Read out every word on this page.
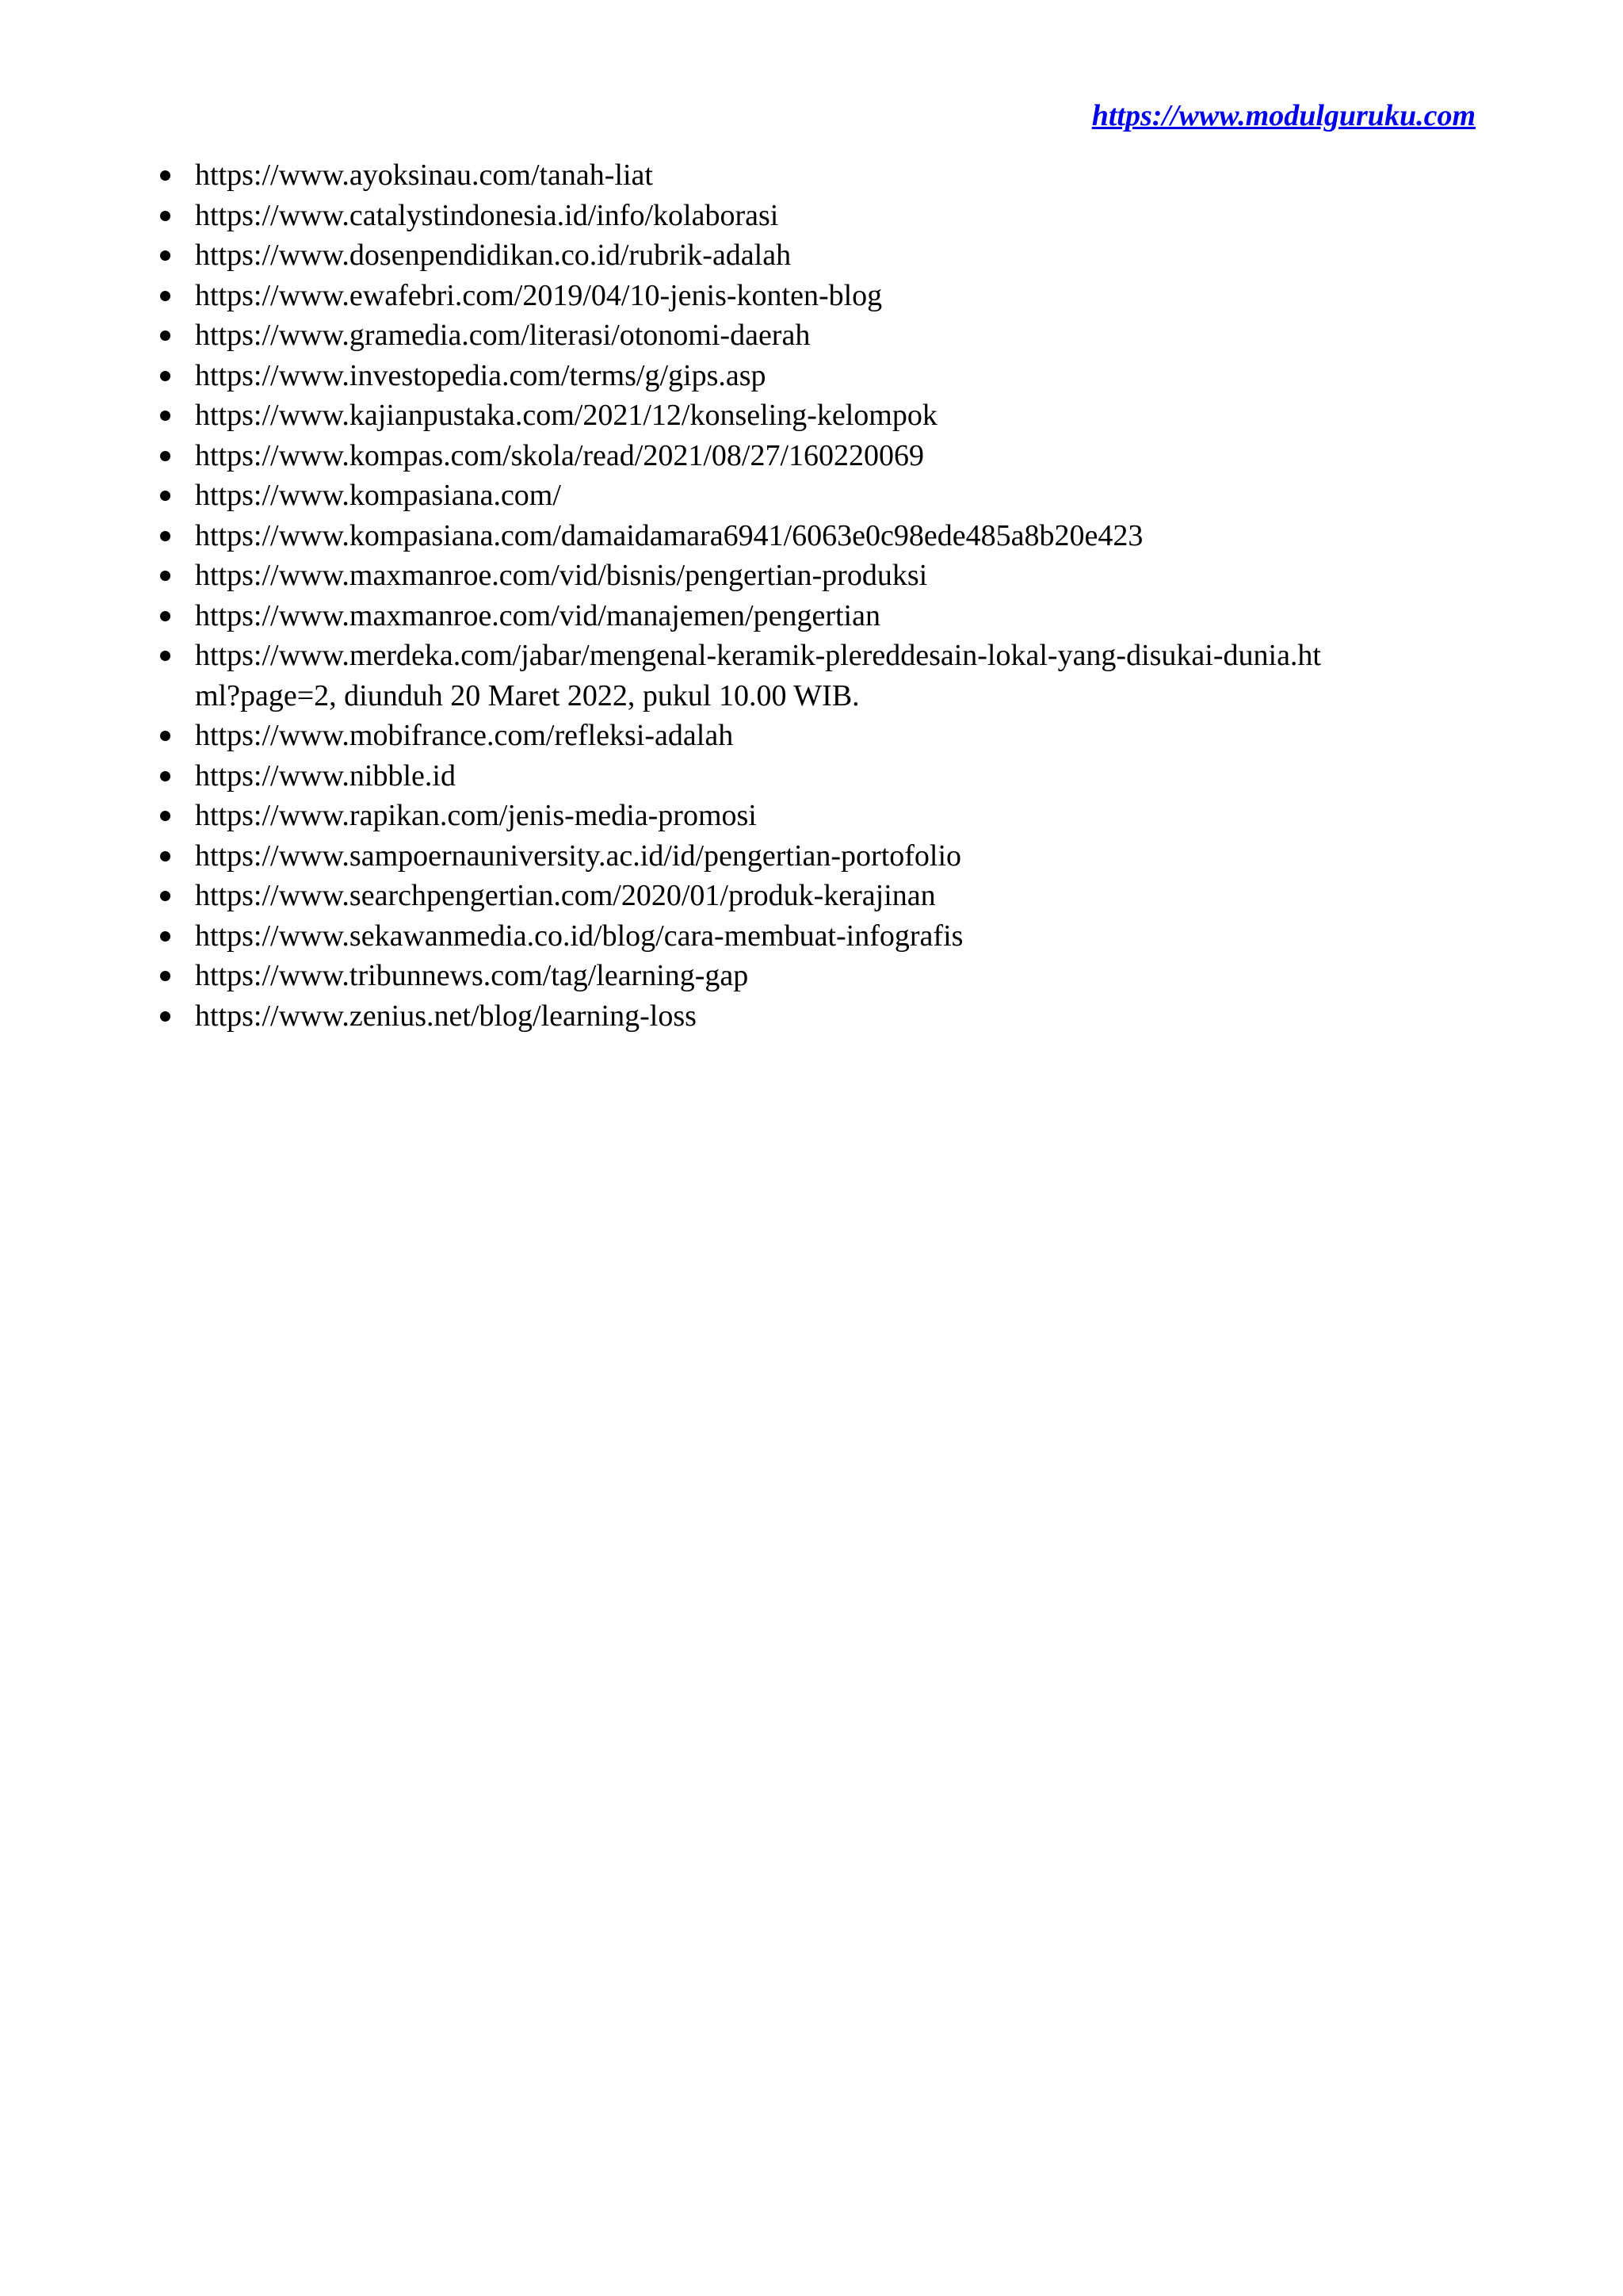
https://www.modulguruku.com
https://www.ayoksinau.com/tanah-liat
https://www.catalystindonesia.id/info/kolaborasi
https://www.dosenpendidikan.co.id/rubrik-adalah
https://www.ewafebri.com/2019/04/10-jenis-konten-blog
https://www.gramedia.com/literasi/otonomi-daerah
https://www.investopedia.com/terms/g/gips.asp
https://www.kajianpustaka.com/2021/12/konseling-kelompok
https://www.kompas.com/skola/read/2021/08/27/160220069
https://www.kompasiana.com/
https://www.kompasiana.com/damaidamara6941/6063e0c98ede485a8b20e423
https://www.maxmanroe.com/vid/bisnis/pengertian-produksi
https://www.maxmanroe.com/vid/manajemen/pengertian
https://www.merdeka.com/jabar/mengenal-keramik-plereddesain-lokal-yang-disukai-dunia.html?page=2, diunduh 20 Maret 2022, pukul 10.00 WIB.
https://www.mobifrance.com/refleksi-adalah
https://www.nibble.id
https://www.rapikan.com/jenis-media-promosi
https://www.sampoernauniversity.ac.id/id/pengertian-portofolio
https://www.searchpengertian.com/2020/01/produk-kerajinan
https://www.sekawanmedia.co.id/blog/cara-membuat-infografis
https://www.tribunnews.com/tag/learning-gap
https://www.zenius.net/blog/learning-loss
